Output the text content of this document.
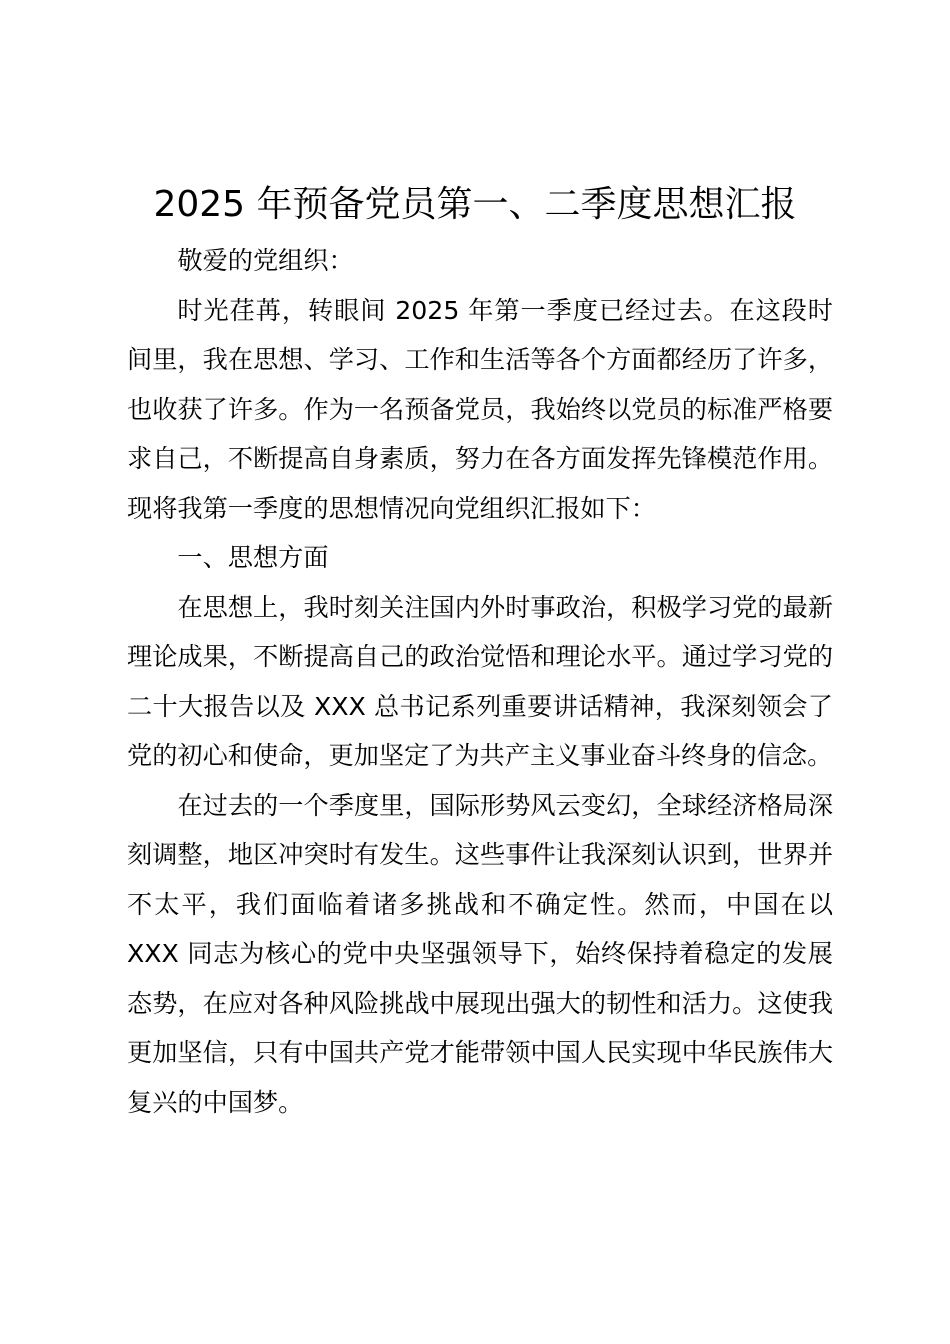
2025 年预备党员第一、二季度思想汇报

敬爱的党组织：

时光荏苒，转眼间 2025 年第一季度已经过去。在这段时间里，我在思想、学习、工作和生活等各个方面都经历了许多，也收获了许多。作为一名预备党员，我始终以党员的标准严格要求自己，不断提高自身素质，努力在各方面发挥先锋模范作用。现将我第一季度的思想情况向党组织汇报如下：

一、思想方面

在思想上，我时刻关注国内外时事政治，积极学习党的最新理论成果，不断提高自己的政治觉悟和理论水平。通过学习党的二十大报告以及 XXX 总书记系列重要讲话精神，我深刻领会了党的初心和使命，更加坚定了为共产主义事业奋斗终身的信念。

在过去的一个季度里，国际形势风云变幻，全球经济格局深刻调整，地区冲突时有发生。这些事件让我深刻认识到，世界并不太平，我们面临着诸多挑战和不确定性。然而，中国在以 XXX 同志为核心的党中央坚强领导下，始终保持着稳定的发展态势，在应对各种风险挑战中展现出强大的韧性和活力。这使我更加坚信，只有中国共产党才能带领中国人民实现中华民族伟大复兴的中国梦。
